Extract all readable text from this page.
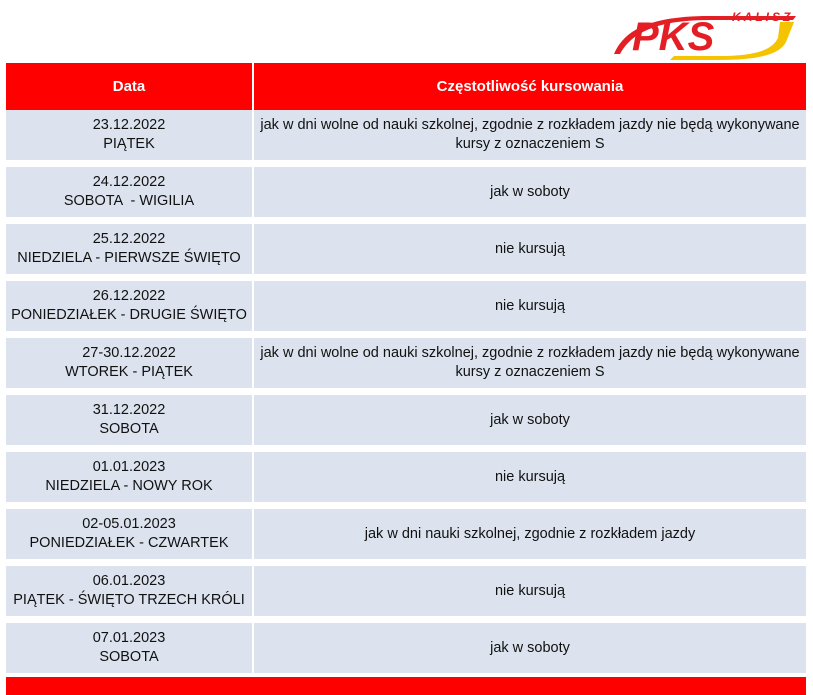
PKS KALISZ
Data	Częstotliwość kursowania
23.12.2022
PIĄTEK
jak w dni wolne od nauki szkolnej, zgodnie z rozkładem jazdy nie będą wykonywane kursy z oznaczeniem S
24.12.2022
SOBOTA  - WIGILIA
jak w soboty
25.12.2022
NIEDZIELA - PIERWSZE ŚWIĘTO
nie kursują
26.12.2022
PONIEDZIAŁEK - DRUGIE ŚWIĘTO
nie kursują
27-30.12.2022
WTOREK - PIĄTEK
jak w dni wolne od nauki szkolnej, zgodnie z rozkładem jazdy nie będą wykonywane kursy z oznaczeniem S
31.12.2022
SOBOTA
jak w soboty
01.01.2023
NIEDZIELA - NOWY ROK
nie kursują
02-05.01.2023
PONIEDZIAŁEK - CZWARTEK
jak w dni nauki szkolnej, zgodnie z rozkładem jazdy
06.01.2023
PIĄTEK - ŚWIĘTO TRZECH KRÓLI
nie kursują
07.01.2023
SOBOTA
jak w soboty
